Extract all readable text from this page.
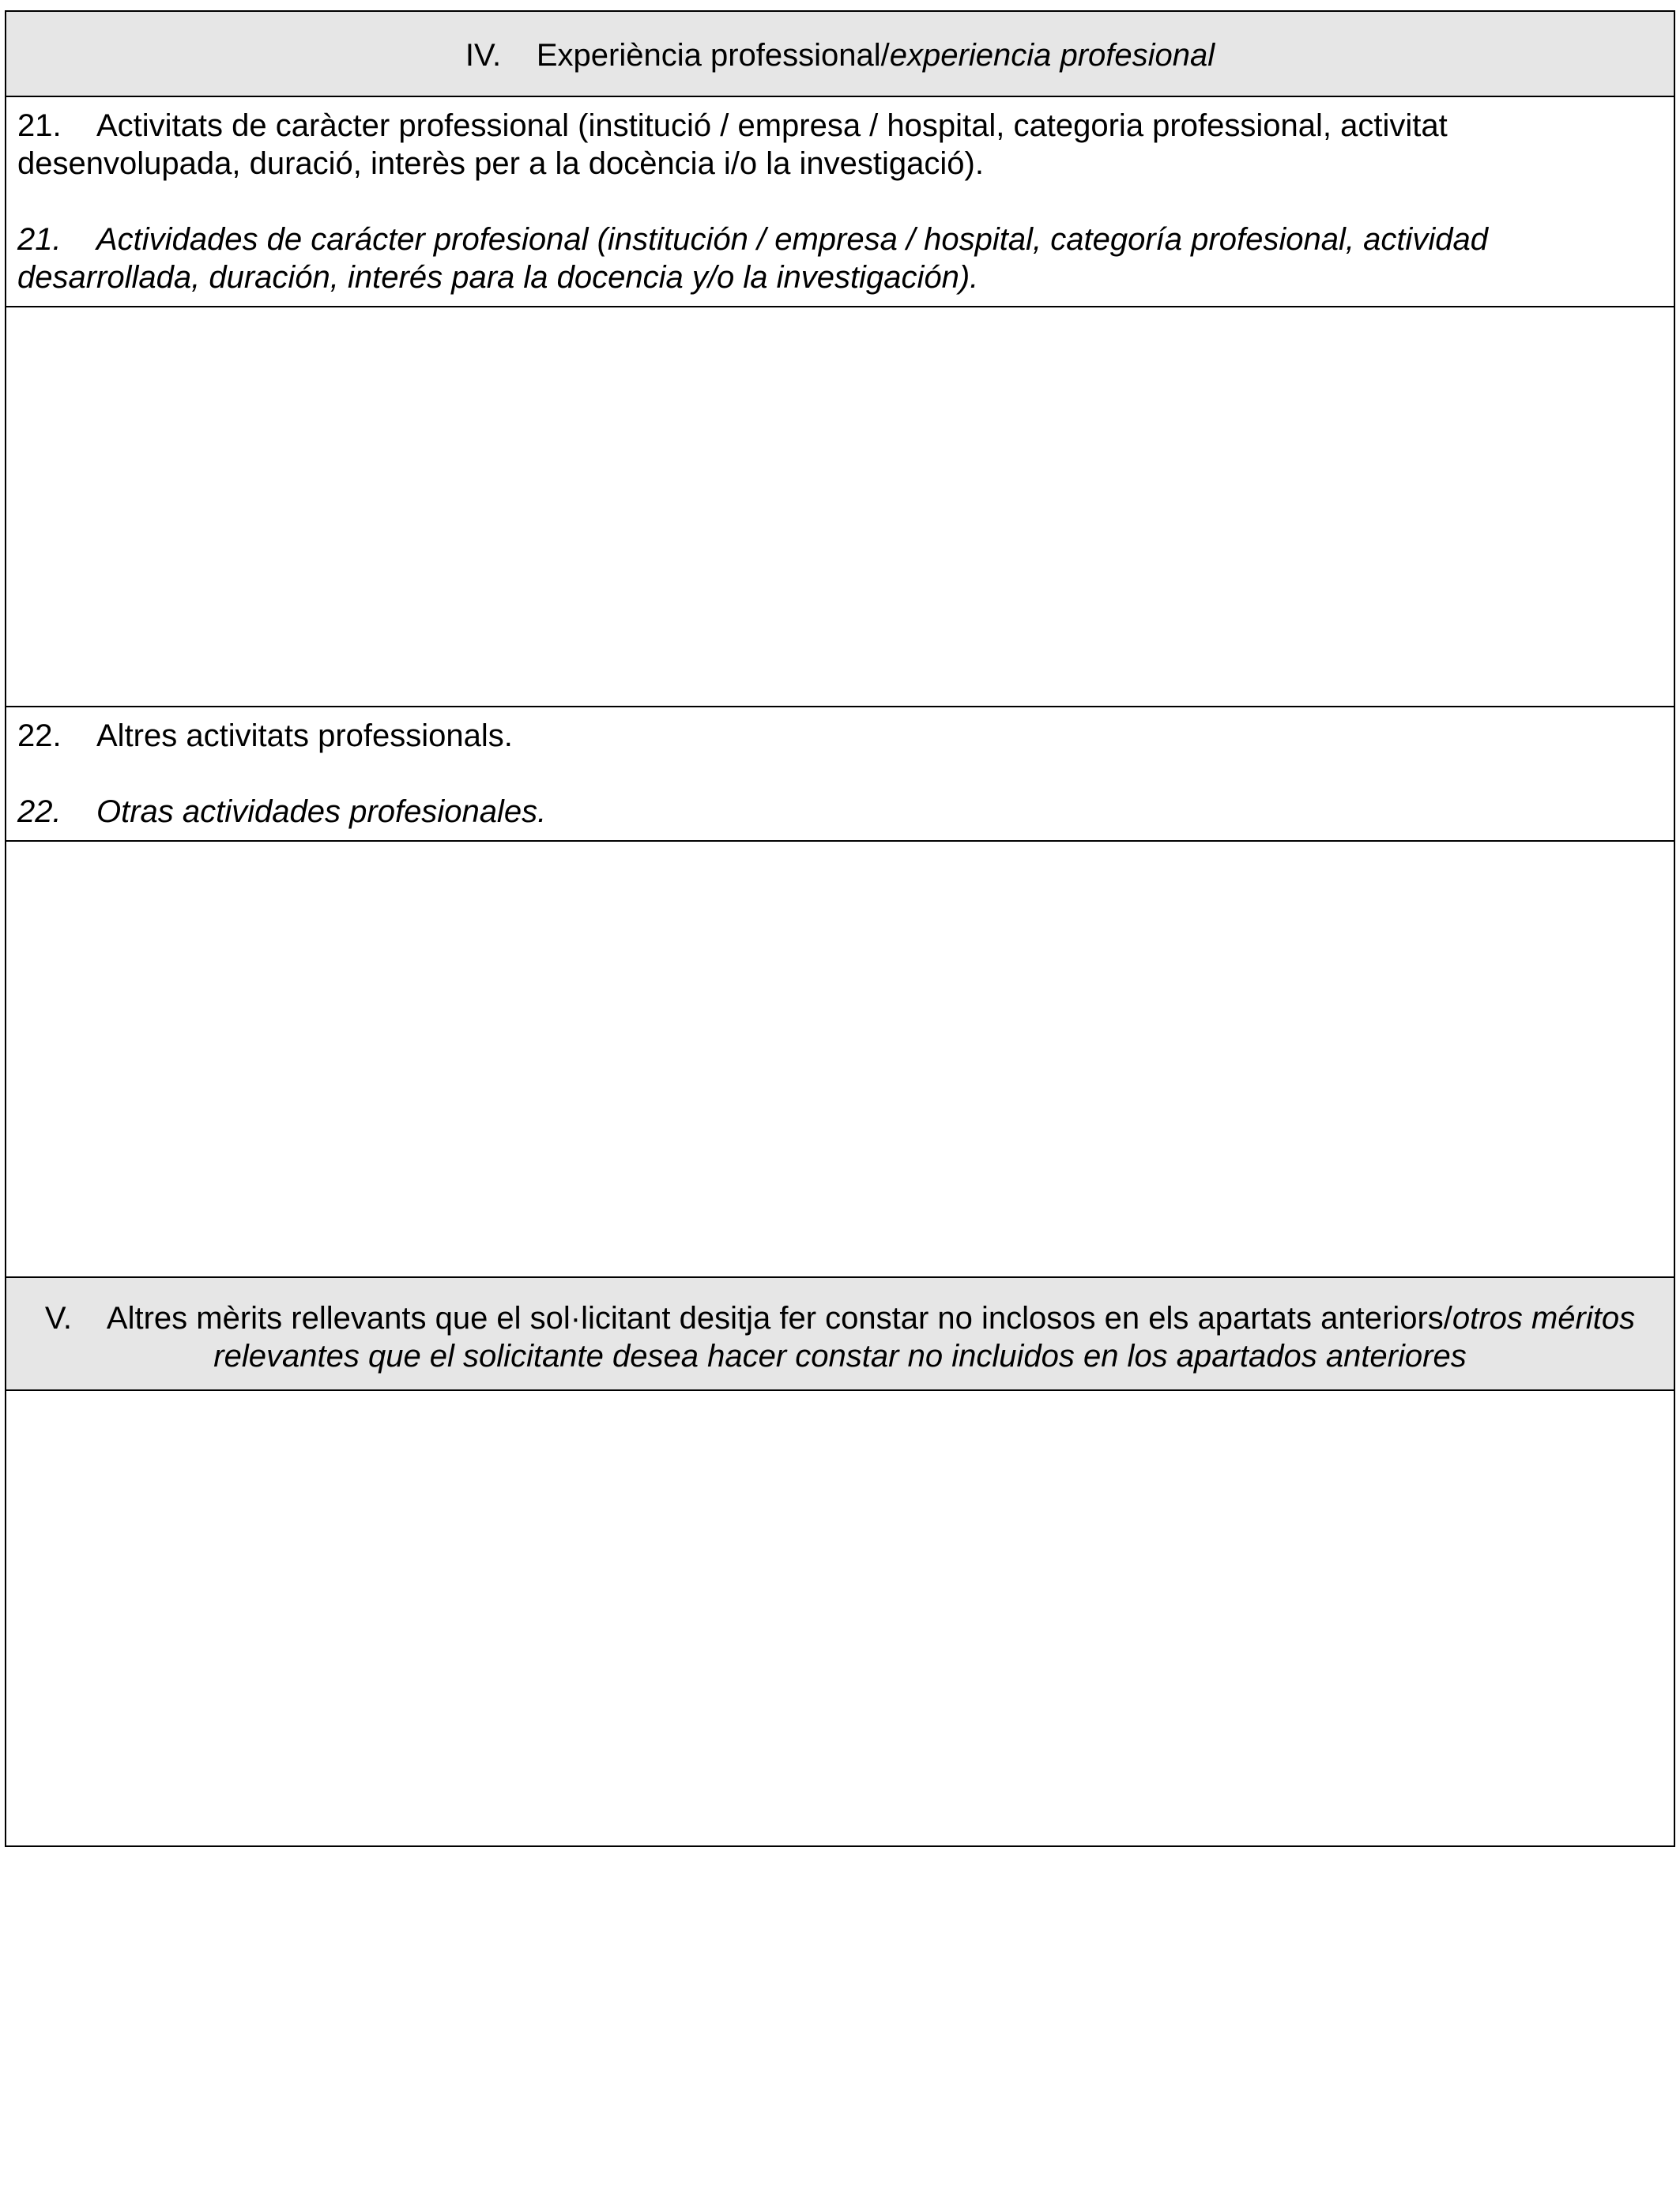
IV. Experiència professional/experiencia profesional

21. Activitats de caràcter professional (institució / empresa / hospital, categoria professional, activitat desenvolupada, duració, interès per a la docència i/o la investigació).

21. Actividades de carácter profesional (institución / empresa / hospital, categoría profesional, actividad desarrollada, duración, interés para la docencia y/o la investigación).

22. Altres activitats professionals.

22. Otras actividades profesionales.

V. Altres mèrits rellevants que el sol·licitant desitja fer constar no inclosos en els apartats anteriors/otros méritos relevantes que el solicitante desea hacer constar no incluidos en los apartados anteriores
